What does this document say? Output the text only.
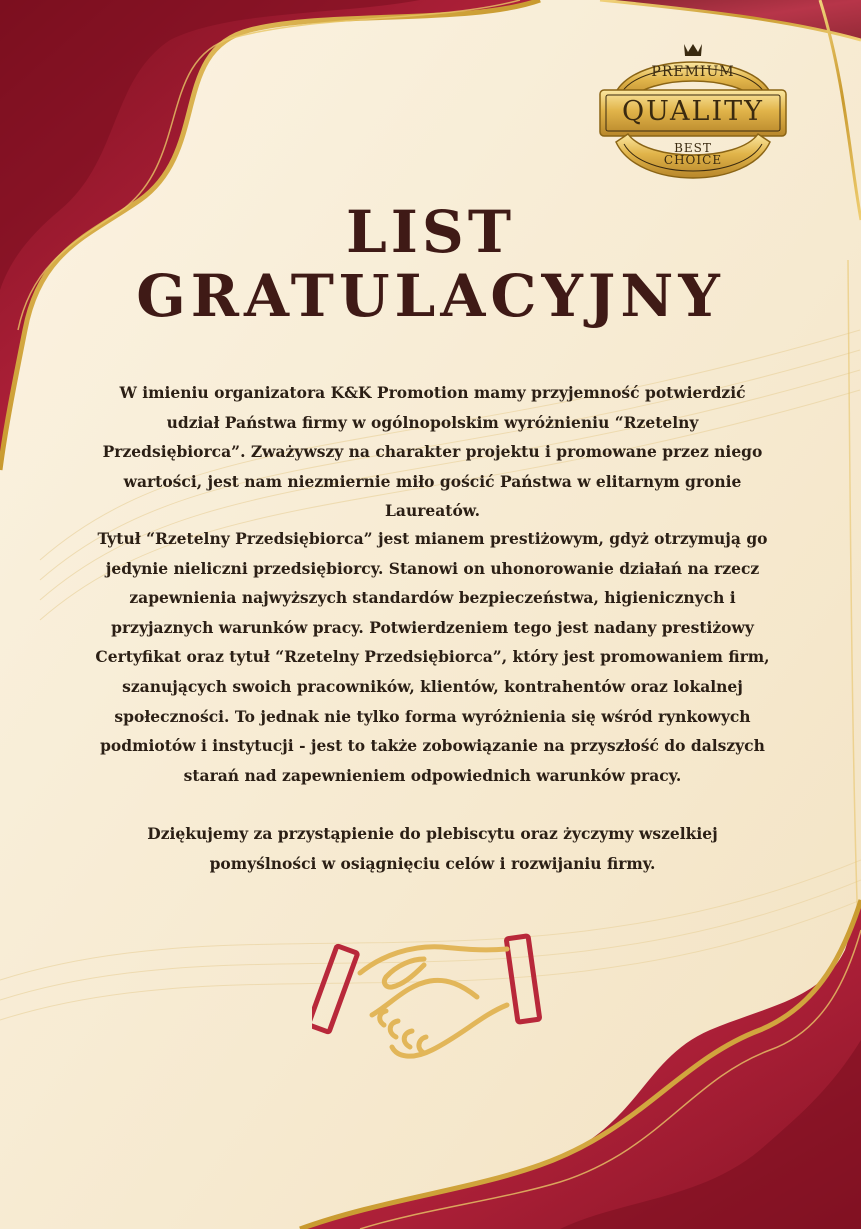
PREMIUM
QUALITY
BEST
CHOICE
LIST
GRATULACYJNY
W imieniu organizatora K&K Promotion mamy przyjemność potwierdzić udział Państwa firmy w ogólnopolskim wyróżnieniu “Rzetelny Przedsiębiorca”. Zważywszy na charakter projektu i promowane przez niego wartości, jest nam niezmiernie miło gościć Państwa w elitarnym gronie Laureatów.
Tytuł “Rzetelny Przedsiębiorca” jest mianem prestiżowym, gdyż otrzymują go jedynie nieliczni przedsiębiorcy. Stanowi on uhonorowanie działań na rzecz zapewnienia najwyższych standardów bezpieczeństwa, higienicznych i przyjaznych warunków pracy. Potwierdzeniem tego jest nadany prestiżowy Certyfikat oraz tytuł “Rzetelny Przedsiębiorca”, który jest promowaniem firm, szanujących swoich pracowników, klientów, kontrahentów oraz lokalnej społeczności. To jednak nie tylko forma wyróżnienia się wśród rynkowych podmiotów i instytucji - jest to także zobowiązanie na przyszłość do dalszych starań nad zapewnieniem odpowiednich warunków pracy.
Dziękujemy za przystąpienie do plebiscytu oraz życzymy wszelkiej pomyślności w osiągnięciu celów i rozwijaniu firmy.
